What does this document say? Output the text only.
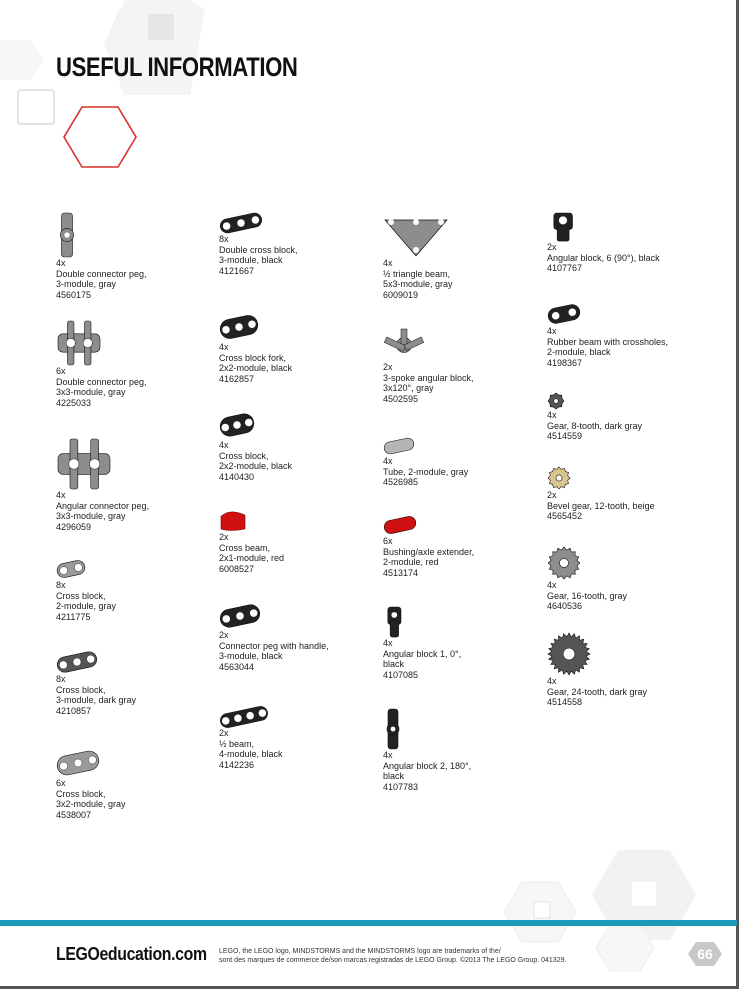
USEFUL INFORMATION
4x
Double connector peg,
3-module, gray
4560175
6x
Double connector peg,
3x3-module, gray
4225033
4x
Angular connector peg,
3x3-module, gray
4296059
8x
Cross block,
2-module, gray
4211775
8x
Cross block,
3-module, dark gray
4210857
6x
Cross block,
3x2-module, gray
4538007
8x
Double cross block,
3-module, black
4121667
4x
Cross block fork,
2x2-module, black
4162857
4x
Cross block,
2x2-module, black
4140430
2x
Cross beam,
2x1-module, red
6008527
2x
Connector peg with handle,
3-module, black
4563044
2x
½ beam,
4-module, black
4142236
4x
½ triangle beam,
5x3-module, gray
6009019
2x
3-spoke angular block,
3x120°, gray
4502595
4x
Tube, 2-module, gray
4526985
6x
Bushing/axle extender,
2-module, red
4513174
4x
Angular block 1, 0°,
black
4107085
4x
Angular block 2, 180°,
black
4107783
2x
Angular block, 6 (90°), black
4107767
4x
Rubber beam with crossholes,
2-module, black
4198367
4x
Gear, 8-tooth, dark gray
4514559
2x
Bevel gear, 12-tooth, beige
4565452
4x
Gear, 16-tooth, gray
4640536
4x
Gear, 24-tooth, dark gray
4514558
LEGOeducation.com LEGO, the LEGO logo, MINDSTORMS and the MINDSTORMS logo are trademarks of the/
sont des marques de commerce de/son marcas registradas de LEGO Group. ©2013 The LEGO Group. 041329.	66
